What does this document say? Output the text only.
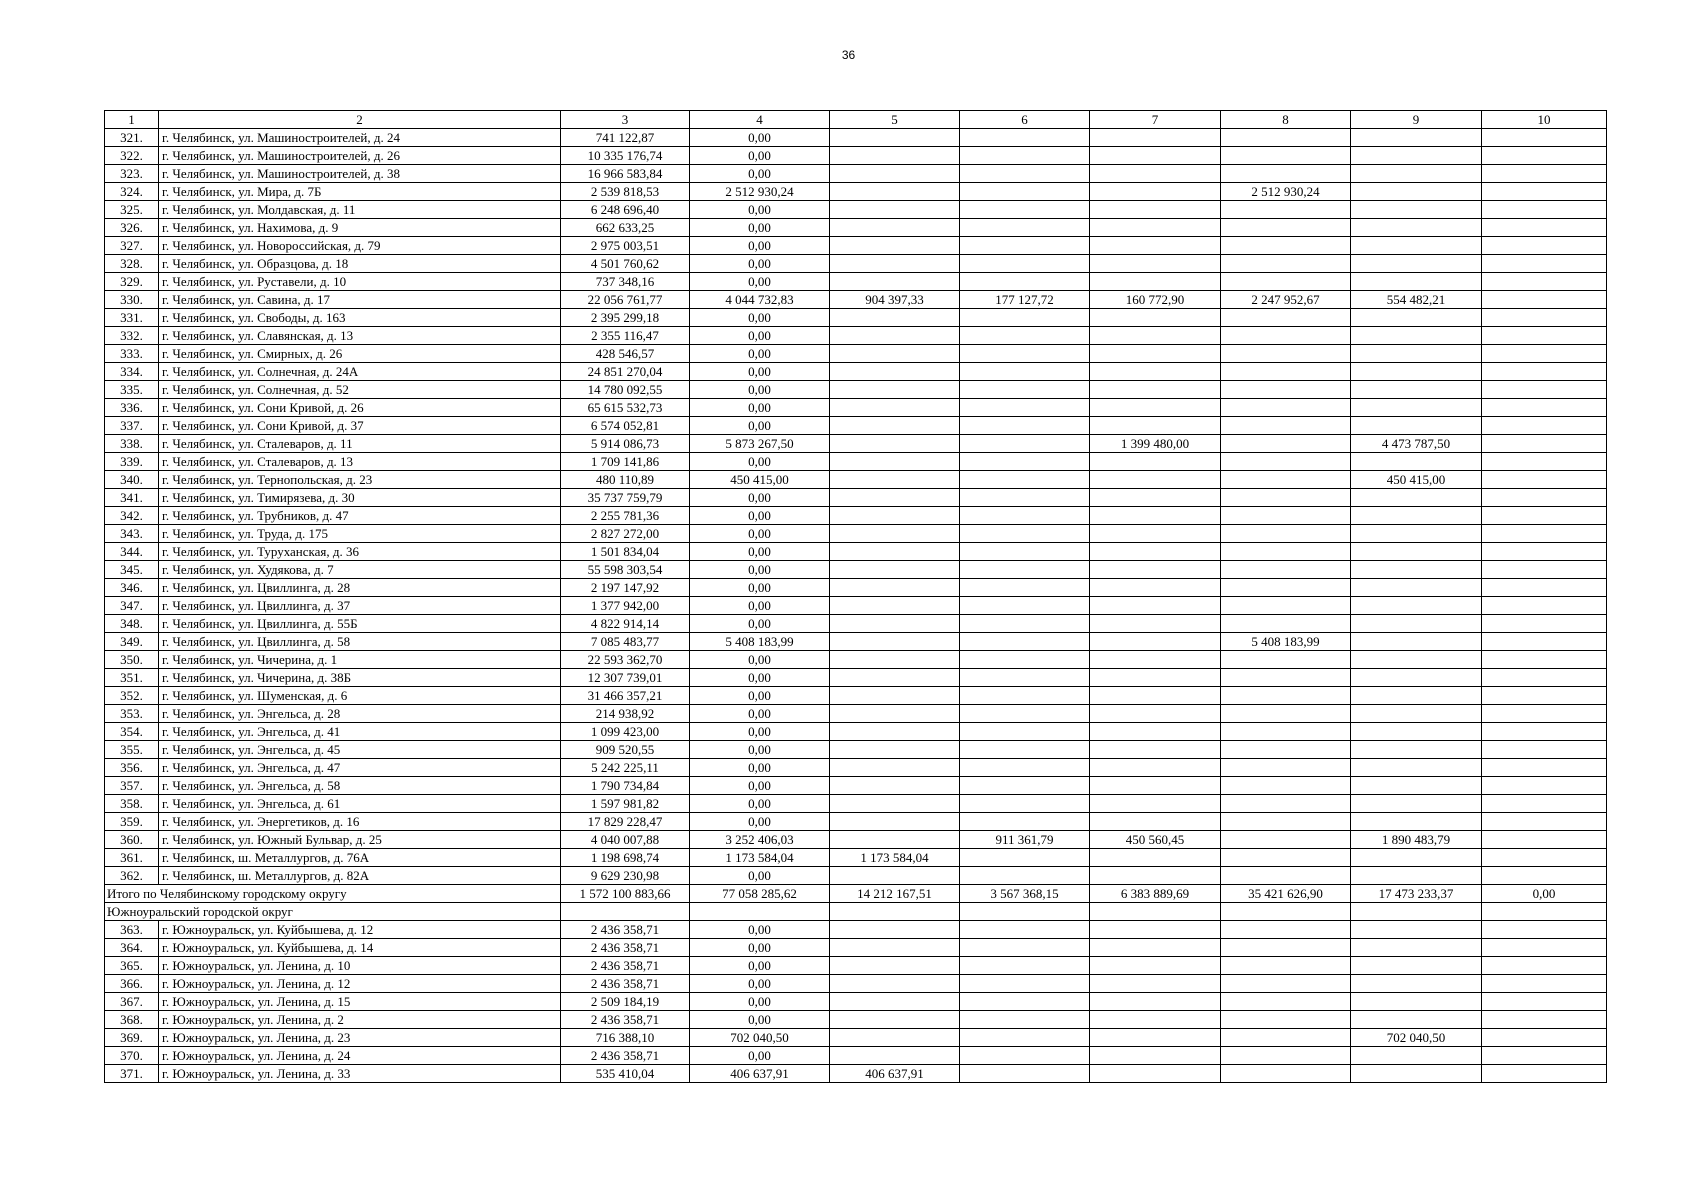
36
1	2	3	4	5	6	7	8	9	10
321.	г. Челябинск, ул. Машиностроителей, д. 24	741 122,87	0,00						
322.	г. Челябинск, ул. Машиностроителей, д. 26	10 335 176,74	0,00						
323.	г. Челябинск, ул. Машиностроителей, д. 38	16 966 583,84	0,00						
324.	г. Челябинск, ул. Мира, д. 7Б	2 539 818,53	2 512 930,24				2 512 930,24		
325.	г. Челябинск, ул. Молдавская, д. 11	6 248 696,40	0,00						
326.	г. Челябинск, ул. Нахимова, д. 9	662 633,25	0,00						
327.	г. Челябинск, ул. Новороссийская, д. 79	2 975 003,51	0,00						
328.	г. Челябинск, ул. Образцова, д. 18	4 501 760,62	0,00						
329.	г. Челябинск, ул. Руставели, д. 10	737 348,16	0,00						
330.	г. Челябинск, ул. Савина, д. 17	22 056 761,77	4 044 732,83	904 397,33	177 127,72	160 772,90	2 247 952,67	554 482,21	
331.	г. Челябинск, ул. Свободы, д. 163	2 395 299,18	0,00						
332.	г. Челябинск, ул. Славянская, д. 13	2 355 116,47	0,00						
333.	г. Челябинск, ул. Смирных, д. 26	428 546,57	0,00						
334.	г. Челябинск, ул. Солнечная, д. 24А	24 851 270,04	0,00						
335.	г. Челябинск, ул. Солнечная, д. 52	14 780 092,55	0,00						
336.	г. Челябинск, ул. Сони Кривой, д. 26	65 615 532,73	0,00						
337.	г. Челябинск, ул. Сони Кривой, д. 37	6 574 052,81	0,00						
338.	г. Челябинск, ул. Сталеваров, д. 11	5 914 086,73	5 873 267,50			1 399 480,00		4 473 787,50	
339.	г. Челябинск, ул. Сталеваров, д. 13	1 709 141,86	0,00						
340.	г. Челябинск, ул. Тернопольская, д. 23	480 110,89	450 415,00					450 415,00	
341.	г. Челябинск, ул. Тимирязева, д. 30	35 737 759,79	0,00						
342.	г. Челябинск, ул. Трубников, д. 47	2 255 781,36	0,00						
343.	г. Челябинск, ул. Труда, д. 175	2 827 272,00	0,00						
344.	г. Челябинск, ул. Туруханская, д. 36	1 501 834,04	0,00						
345.	г. Челябинск, ул. Худякова, д. 7	55 598 303,54	0,00						
346.	г. Челябинск, ул. Цвиллинга, д. 28	2 197 147,92	0,00						
347.	г. Челябинск, ул. Цвиллинга, д. 37	1 377 942,00	0,00						
348.	г. Челябинск, ул. Цвиллинга, д. 55Б	4 822 914,14	0,00						
349.	г. Челябинск, ул. Цвиллинга, д. 58	7 085 483,77	5 408 183,99				5 408 183,99		
350.	г. Челябинск, ул. Чичерина, д. 1	22 593 362,70	0,00						
351.	г. Челябинск, ул. Чичерина, д. 38Б	12 307 739,01	0,00						
352.	г. Челябинск, ул. Шуменская, д. 6	31 466 357,21	0,00						
353.	г. Челябинск, ул. Энгельса, д. 28	214 938,92	0,00						
354.	г. Челябинск, ул. Энгельса, д. 41	1 099 423,00	0,00						
355.	г. Челябинск, ул. Энгельса, д. 45	909 520,55	0,00						
356.	г. Челябинск, ул. Энгельса, д. 47	5 242 225,11	0,00						
357.	г. Челябинск, ул. Энгельса, д. 58	1 790 734,84	0,00						
358.	г. Челябинск, ул. Энгельса, д. 61	1 597 981,82	0,00						
359.	г. Челябинск, ул. Энергетиков, д. 16	17 829 228,47	0,00						
360.	г. Челябинск, ул. Южный Бульвар, д. 25	4 040 007,88	3 252 406,03		911 361,79	450 560,45		1 890 483,79	
361.	г. Челябинск, ш. Металлургов, д. 76А	1 198 698,74	1 173 584,04	1 173 584,04					
362.	г. Челябинск, ш. Металлургов, д. 82А	9 629 230,98	0,00						
Итого по Челябинскому городскому округу		1 572 100 883,66	77 058 285,62	14 212 167,51	3 567 368,15	6 383 889,69	35 421 626,90	17 473 233,37	0,00
Южноуральский городской округ									
363.	г. Южноуральск, ул. Куйбышева, д. 12	2 436 358,71	0,00						
364.	г. Южноуральск, ул. Куйбышева, д. 14	2 436 358,71	0,00						
365.	г. Южноуральск, ул. Ленина, д. 10	2 436 358,71	0,00						
366.	г. Южноуральск, ул. Ленина, д. 12	2 436 358,71	0,00						
367.	г. Южноуральск, ул. Ленина, д. 15	2 509 184,19	0,00						
368.	г. Южноуральск, ул. Ленина, д. 2	2 436 358,71	0,00						
369.	г. Южноуральск, ул. Ленина, д. 23	716 388,10	702 040,50					702 040,50	
370.	г. Южноуральск, ул. Ленина, д. 24	2 436 358,71	0,00						
371.	г. Южноуральск, ул. Ленина, д. 33	535 410,04	406 637,91	406 637,91					
